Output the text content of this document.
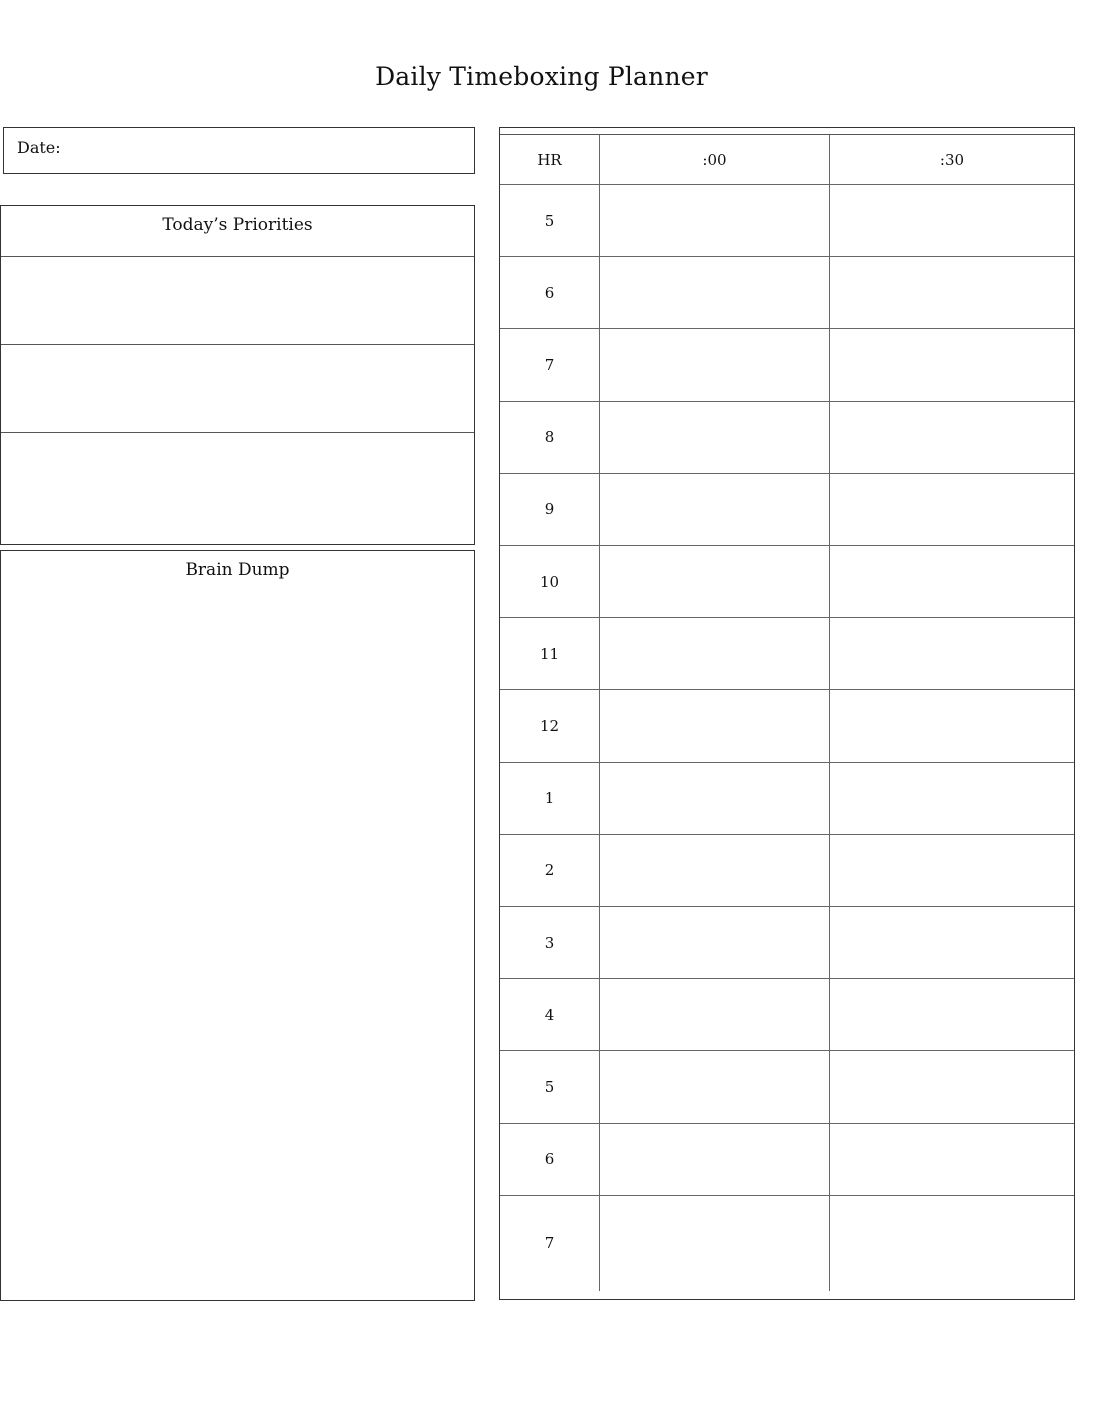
Daily Timeboxing Planner
Date:
Today’s Priorities
Brain Dump
HR	:00	:30
5
6
7
8
9
10
11
12
1
2
3
4
5
6
7
